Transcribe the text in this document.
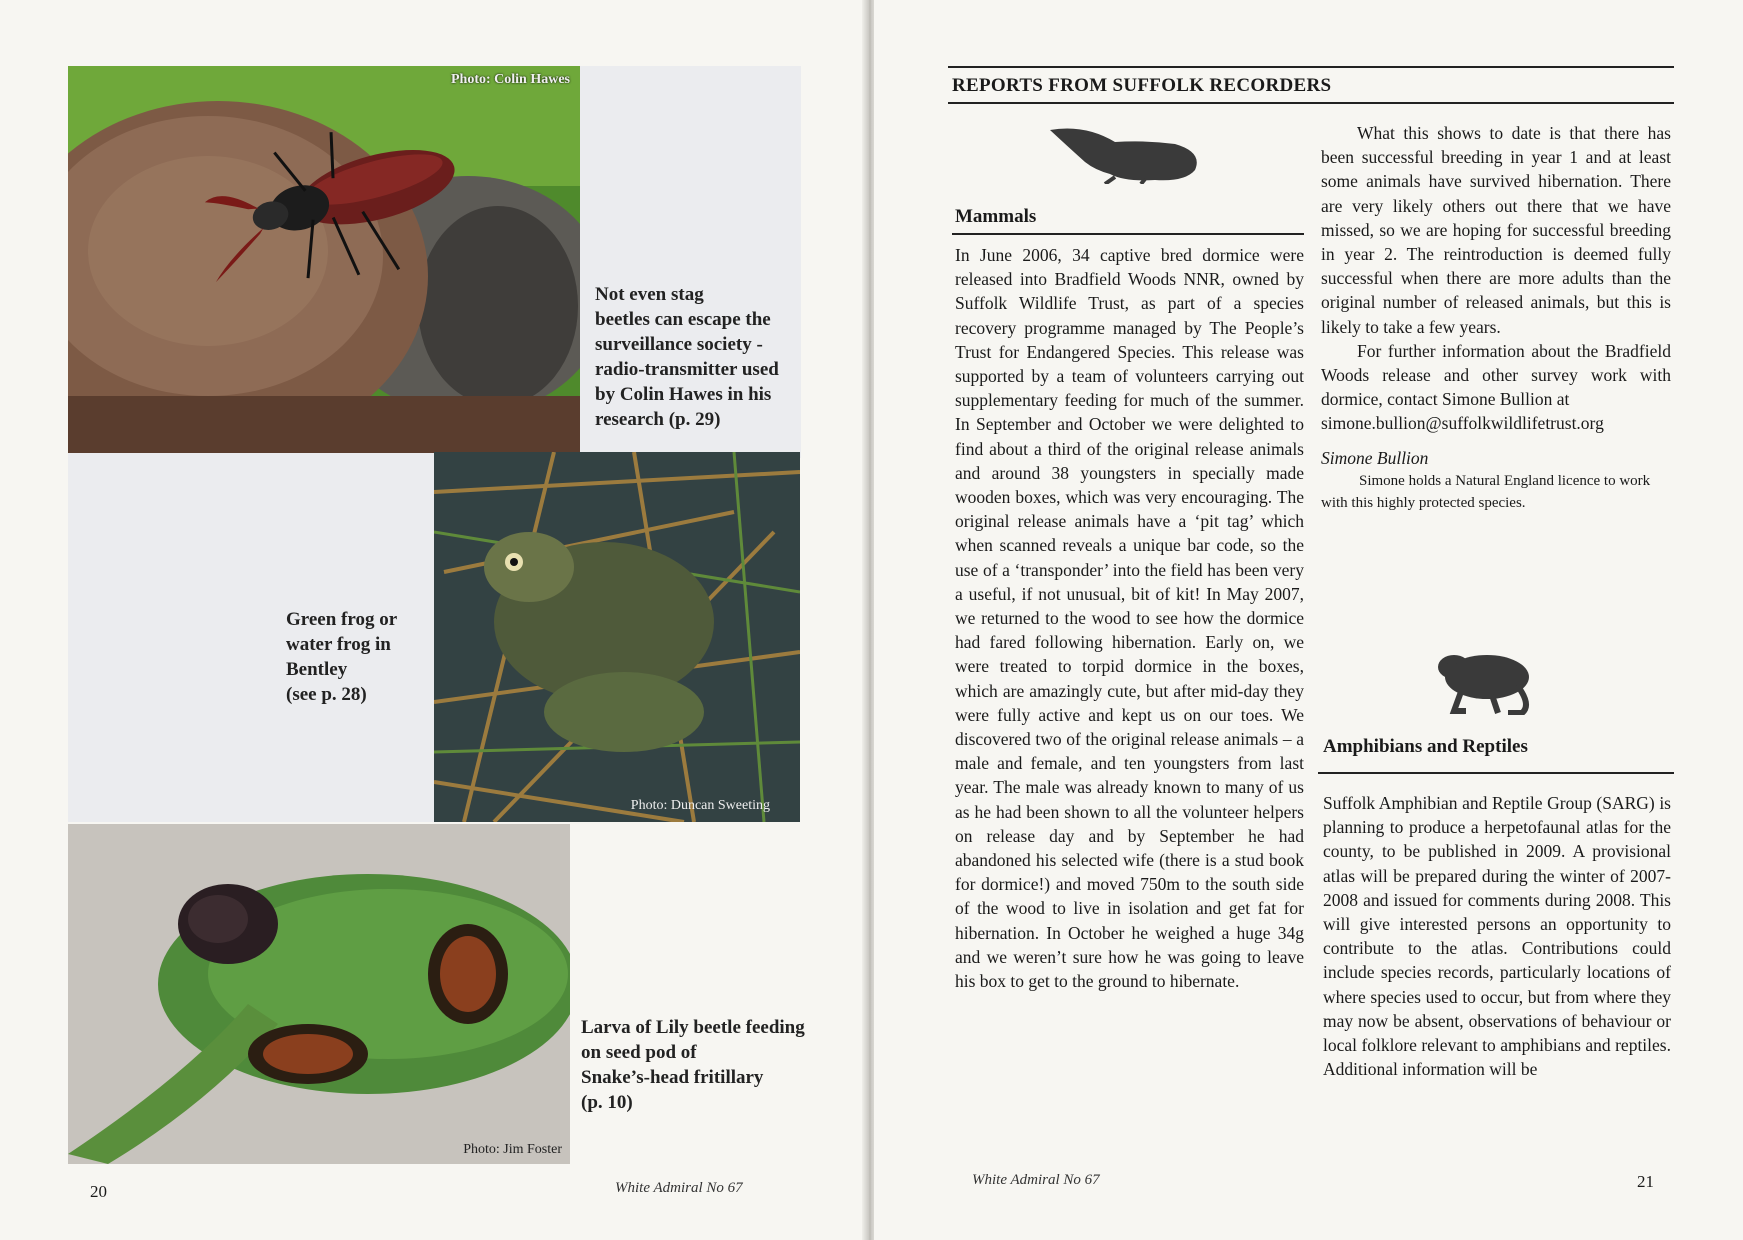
Photo: Colin Hawes
Not even stag
beetles can escape the
surveillance society -
radio-transmitter used
by Colin Hawes in his
research (p. 29)
Photo: Duncan Sweeting
Green frog or
water frog in
Bentley
(see p. 28)
Photo: Jim Foster
Larva of Lily beetle feeding
on seed pod of
Snake’s-head fritillary
(p. 10)
20	White Admiral No 67
REPORTS FROM SUFFOLK RECORDERS
Mammals

In June 2006, 34 captive bred dormice were released into Bradfield Woods NNR, owned by Suffolk Wildlife Trust, as part of a species recovery programme managed by The People’s Trust for Endangered Species. This release was supported by a team of volunteers carrying out supplementary feeding for much of the summer. In September and October we were delighted to find about a third of the original release animals and around 38 youngsters in specially made wooden boxes, which was very encouraging. The original release animals have a ‘pit tag’ which when scanned reveals a unique bar code, so the use of a ‘transponder’ into the field has been very a useful, if not unusual, bit of kit! In May 2007, we returned to the wood to see how the dormice had fared following hibernation. Early on, we were treated to torpid dormice in the boxes, which are amazingly cute, but after mid-day they were fully active and kept us on our toes. We discovered two of the original release animals – a male and female, and ten youngsters from last year. The male was already known to many of us as he had been shown to all the volunteer helpers on release day and by September he had abandoned his selected wife (there is a stud book for dormice!) and moved 750m to the south side of the wood to live in isolation and get fat for hibernation. In October he weighed a huge 34g and we weren’t sure how he was going to leave his box to get to the ground to hibernate.

What this shows to date is that there has been successful breeding in year 1 and at least some animals have survived hibernation. There are very likely others out there that we have missed, so we are hoping for successful breeding in year 2. The reintroduction is deemed fully successful when there are more adults than the original number of released animals, but this is likely to take a few years.

For further information about the Bradfield Woods release and other survey work with dormice, contact Simone Bullion at

simone.bullion@suffolkwildlifetrust.org

Simone Bullion

Simone holds a Natural England licence to work with this highly protected species.

Amphibians and Reptiles

Suffolk Amphibian and Reptile Group (SARG) is planning to produce a herpetofaunal atlas for the county, to be published in 2009. A provisional atlas will be prepared during the winter of 2007-2008 and issued for comments during 2008. This will give interested persons an opportunity to contribute to the atlas. Contributions could include species records, particularly locations of where species used to occur, but from where they may now be absent, observations of behaviour or local folklore relevant to amphibians and reptiles. Additional information will be

White Admiral No 67	21
